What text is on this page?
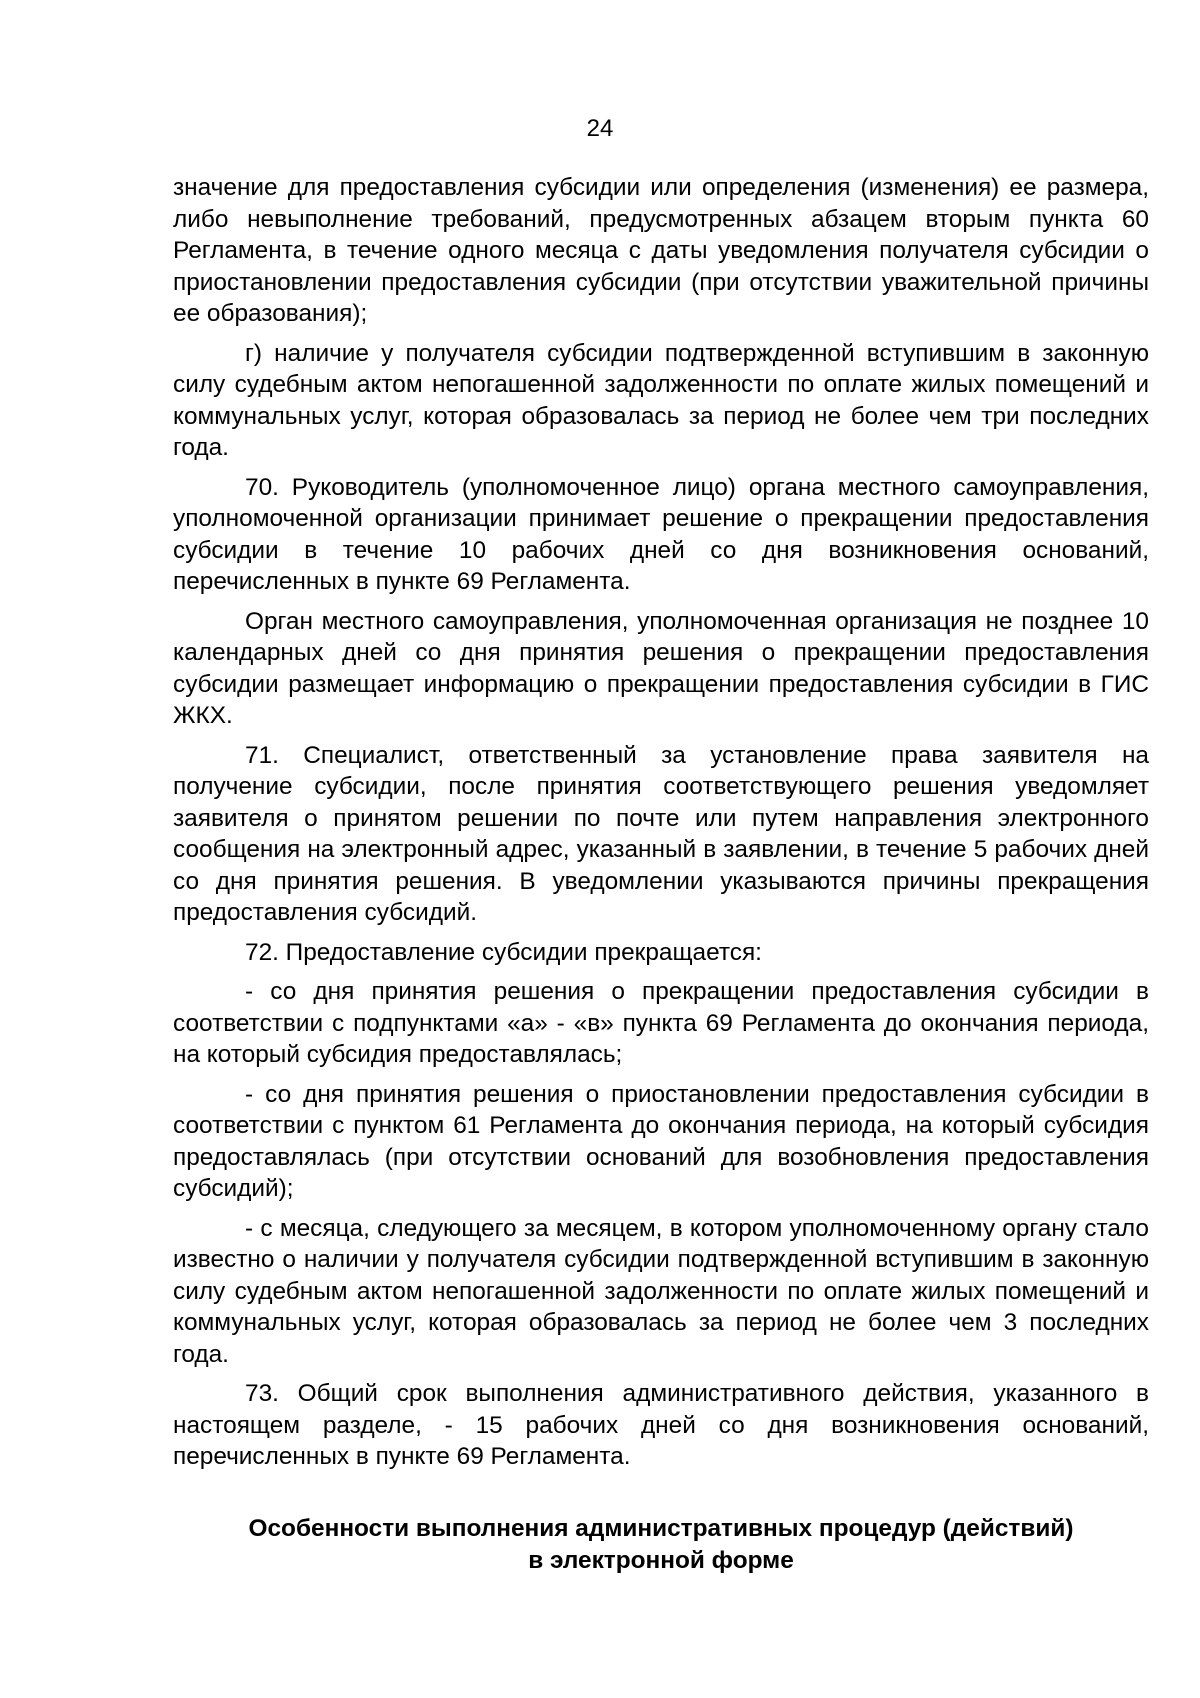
24

значение для предоставления субсидии или определения (изменения) ее размера, либо невыполнение требований, предусмотренных абзацем вторым пункта 60 Регламента, в течение одного месяца с даты уведомления получателя субсидии о приостановлении предоставления субсидии (при отсутствии уважительной причины ее образования);

г) наличие у получателя субсидии подтвержденной вступившим в законную силу судебным актом непогашенной задолженности по оплате жилых помещений и коммунальных услуг, которая образовалась за период не более чем три последних года.

70. Руководитель (уполномоченное лицо) органа местного самоуправления, уполномоченной организации принимает решение о прекращении предоставления субсидии в течение 10 рабочих дней со дня возникновения оснований, перечисленных в пункте 69 Регламента.

Орган местного самоуправления, уполномоченная организация не позднее 10 календарных дней со дня принятия решения о прекращении предоставления субсидии размещает информацию о прекращении предоставления субсидии в ГИС ЖКХ.

71. Специалист, ответственный за установление права заявителя на получение субсидии, после принятия соответствующего решения уведомляет заявителя о принятом решении по почте или путем направления электронного сообщения на электронный адрес, указанный в заявлении, в течение 5 рабочих дней со дня принятия решения. В уведомлении указываются причины прекращения предоставления субсидий.

72. Предоставление субсидии прекращается:

- со дня принятия решения о прекращении предоставления субсидии в соответствии с подпунктами «а» - «в» пункта 69 Регламента до окончания периода, на который субсидия предоставлялась;

- со дня принятия решения о приостановлении предоставления субсидии в соответствии с пунктом 61 Регламента до окончания периода, на который субсидия предоставлялась (при отсутствии оснований для возобновления предоставления субсидий);

- с месяца, следующего за месяцем, в котором уполномоченному органу стало известно о наличии у получателя субсидии подтвержденной вступившим в законную силу судебным актом непогашенной задолженности по оплате жилых помещений и коммунальных услуг, которая образовалась за период не более чем 3 последних года.

73. Общий срок выполнения административного действия, указанного в настоящем разделе, - 15 рабочих дней со дня возникновения оснований, перечисленных в пункте 69 Регламента.

Особенности выполнения административных процедур (действий)
в электронной форме
